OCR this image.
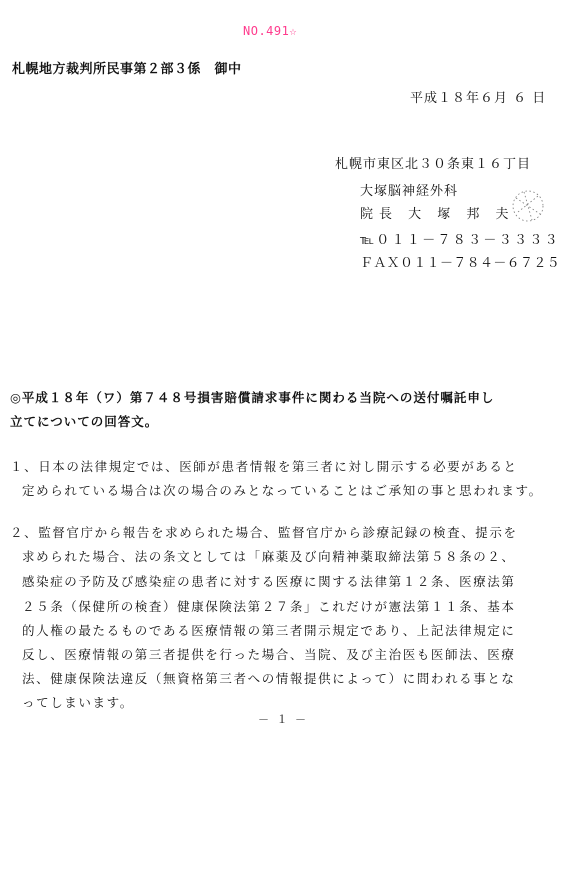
NO.491☆
札幌地方裁判所民事第２部３係　御中
平成１８年６月 ６ 日
札幌市東区北３０条東１６丁目
大塚脳神経外科
院長 大 塚 邦 夫
℡０１１－７８３－３３３３
ＦＡＸ０１１－７８４－６７２５
◎平成１８年（ワ）第７４８号損害賠償請求事件に関わる当院への送付嘱託申し
立てについての回答文。
１、日本の法律規定では、医師が患者情報を第三者に対し開示する必要があると
定められている場合は次の場合のみとなっていることはご承知の事と思われます。
２、監督官庁から報告を求められた場合、監督官庁から診療記録の検査、提示を
求められた場合、法の条文としては「麻薬及び向精神薬取締法第５８条の２、
感染症の予防及び感染症の患者に対する医療に関する法律第１２条、医療法第
２５条（保健所の検査）健康保険法第２７条」これだけが憲法第１１条、基本
的人権の最たるものである医療情報の第三者開示規定であり、上記法律規定に
反し、医療情報の第三者提供を行った場合、当院、及び主治医も医師法、医療
法、健康保険法違反（無資格第三者への情報提供によって）に問われる事とな
ってしまいます。
－ １ －
